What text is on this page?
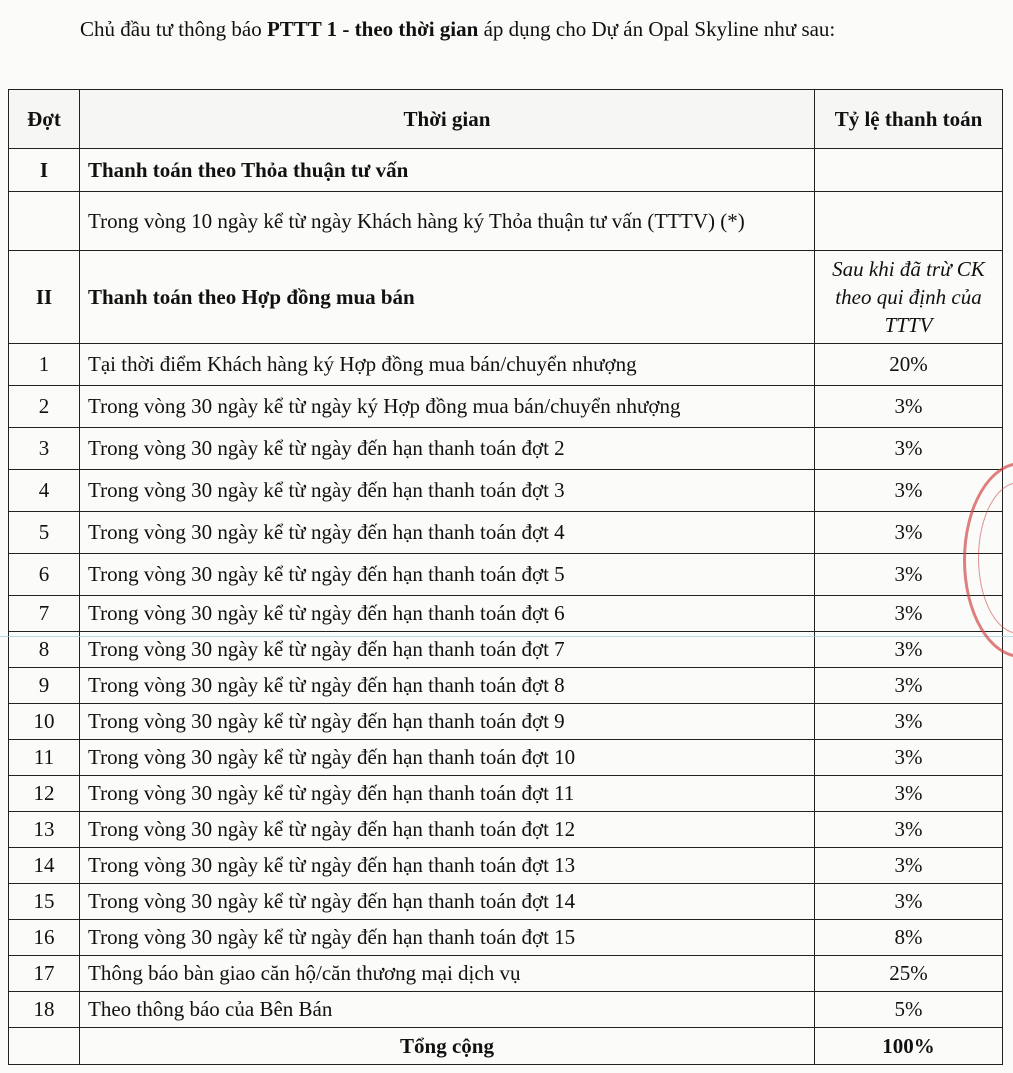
Chủ đầu tư thông báo PTTT 1 - theo thời gian áp dụng cho Dự án Opal Skyline như sau:
Đợt	Thời gian	Tỷ lệ thanh toán
I	Thanh toán theo Thỏa thuận tư vấn	
	Trong vòng 10 ngày kể từ ngày Khách hàng ký Thỏa thuận tư vấn (TTTV) (*)	
II	Thanh toán theo Hợp đồng mua bán	Sau khi đã trừ CK theo qui định của TTTV
1	Tại thời điểm Khách hàng ký Hợp đồng mua bán/chuyển nhượng	20%
2	Trong vòng 30 ngày kể từ ngày ký Hợp đồng mua bán/chuyển nhượng	3%
3	Trong vòng 30 ngày kể từ ngày đến hạn thanh toán đợt 2	3%
4	Trong vòng 30 ngày kể từ ngày đến hạn thanh toán đợt 3	3%
5	Trong vòng 30 ngày kể từ ngày đến hạn thanh toán đợt 4	3%
6	Trong vòng 30 ngày kể từ ngày đến hạn thanh toán đợt 5	3%
7	Trong vòng 30 ngày kể từ ngày đến hạn thanh toán đợt 6	3%
8	Trong vòng 30 ngày kể từ ngày đến hạn thanh toán đợt 7	3%
9	Trong vòng 30 ngày kể từ ngày đến hạn thanh toán đợt 8	3%
10	Trong vòng 30 ngày kể từ ngày đến hạn thanh toán đợt 9	3%
11	Trong vòng 30 ngày kể từ ngày đến hạn thanh toán đợt 10	3%
12	Trong vòng 30 ngày kể từ ngày đến hạn thanh toán đợt 11	3%
13	Trong vòng 30 ngày kể từ ngày đến hạn thanh toán đợt 12	3%
14	Trong vòng 30 ngày kể từ ngày đến hạn thanh toán đợt 13	3%
15	Trong vòng 30 ngày kể từ ngày đến hạn thanh toán đợt 14	3%
16	Trong vòng 30 ngày kể từ ngày đến hạn thanh toán đợt 15	8%
17	Thông báo bàn giao căn hộ/căn thương mại dịch vụ	25%
18	Theo thông báo của Bên Bán	5%
	Tổng cộng	100%
